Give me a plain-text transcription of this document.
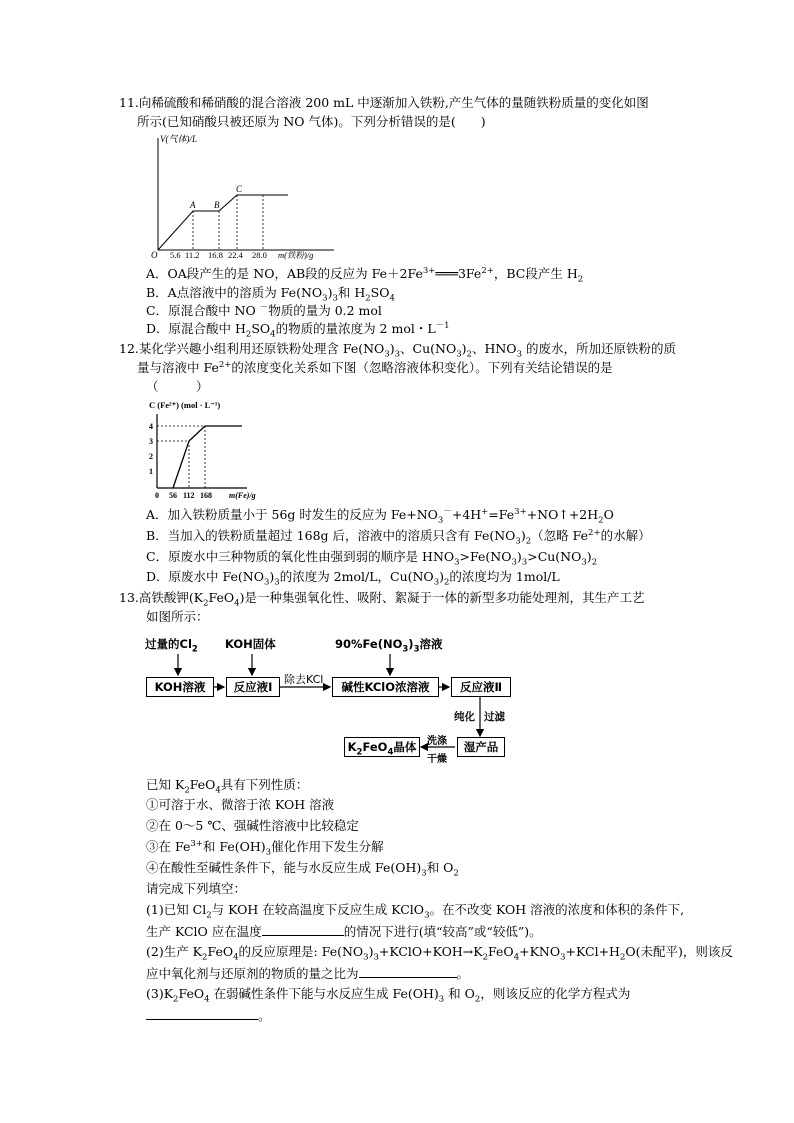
11.向稀硫酸和稀硝酸的混合溶液 200 mL 中逐渐加入铁粉,产生气体的量随铁粉质量的变化如图
所示(已知硝酸只被还原为 NO 气体)。下列分析错误的是(　　)
V(气体)/L
O	m(铁粉)/g
A B
C
5.6 11.2 16.8 22.4 28.0
A．OA段产生的是 NO，AB段的反应为 $Fe+2Fe^{3+}═══3Fe^{2+}$，BC段产生 $H_2$
B．A点溶液中的溶质为 $Fe(NO_3)_3$和 $H_2SO_4$
C．原混合酸中 NO －物质的量为 0.2 mol
D．原混合酸中 $H_2SO_4$的物质的量浓度为 2 mol・$L^{-1}$
12.某化学兴趣小组利用还原铁粉处理含 $Fe(NO_3)_3$、$Cu(NO_3)_2$、$HNO_3$ 的废水，所加还原铁粉的质
量与溶液中 $Fe^{2+}$的浓度变化关系如下图（忽略溶液体积变化）。下列有关结论错误的是
（　　　）
C (Fe²⁺) (mol · L⁻¹)
4
3
2
1
0 56 112 168 m(Fe)/g
A．加入铁粉质量小于 56g 时发生的反应为 $Fe+NO_3^-+4H^+=Fe^{3+}+NO↑+2H_2O$
B．当加入的铁粉质量超过 168g 后，溶液中的溶质只含有 $Fe(NO_3)_2$（忽略 $Fe^{2+}$的水解）
C．原废水中三种物质的氧化性由强到弱的顺序是 $HNO_3>Fe(NO_3)_3>Cu(NO_3)_2$
D．原废水中 $Fe(NO_3)_3$的浓度为 2mol/L，$Cu(NO_3)_2$的浓度均为 1mol/L
13.高铁酸钾$(K_2FeO_4)$是一种集强氧化性、吸附、絮凝于一体的新型多功能处理剂，其生产工艺
如图所示：
过量的$Cl_2$ KOH固体	$90\%Fe(NO_3)_3$溶液
KOH溶液	反应液Ⅰ
除去KCl
碱性KClO浓溶液	反应液Ⅱ
纯化 过滤
湿产品
洗涤
干燥
$K_2FeO_4$晶体
已知 $K_2FeO_4$具有下列性质：
①可溶于水、微溶于浓 KOH 溶液
②在 0～5 ℃、强碱性溶液中比较稳定
③在 $Fe^{3+}$和 $Fe(OH)_3$催化作用下发生分解
④在酸性至碱性条件下，能与水反应生成 $Fe(OH)_3$和 $O_2$
请完成下列填空：
(1)已知 $Cl_2$与 KOH 在较高温度下反应生成 KClO$_3$。在不改变 KOH 溶液的浓度和体积的条件下,
生产 KClO 应在温度	的情况下进行(填“较高”或“较低”)。
(2)生产 $K_2FeO_4$的反应原理是: $Fe(NO_3)_3+KClO+KOH\to K_2FeO_4+KNO_3+KCl+H_2O$(未配平)，则该反
应中氧化剂与还原剂的物质的量之比为	。
$(3)K_2FeO_4$ 在弱碱性条件下能与水反应生成 $Fe(OH)_3$ 和 $O_2$，则该反应的化学方程式为
。
